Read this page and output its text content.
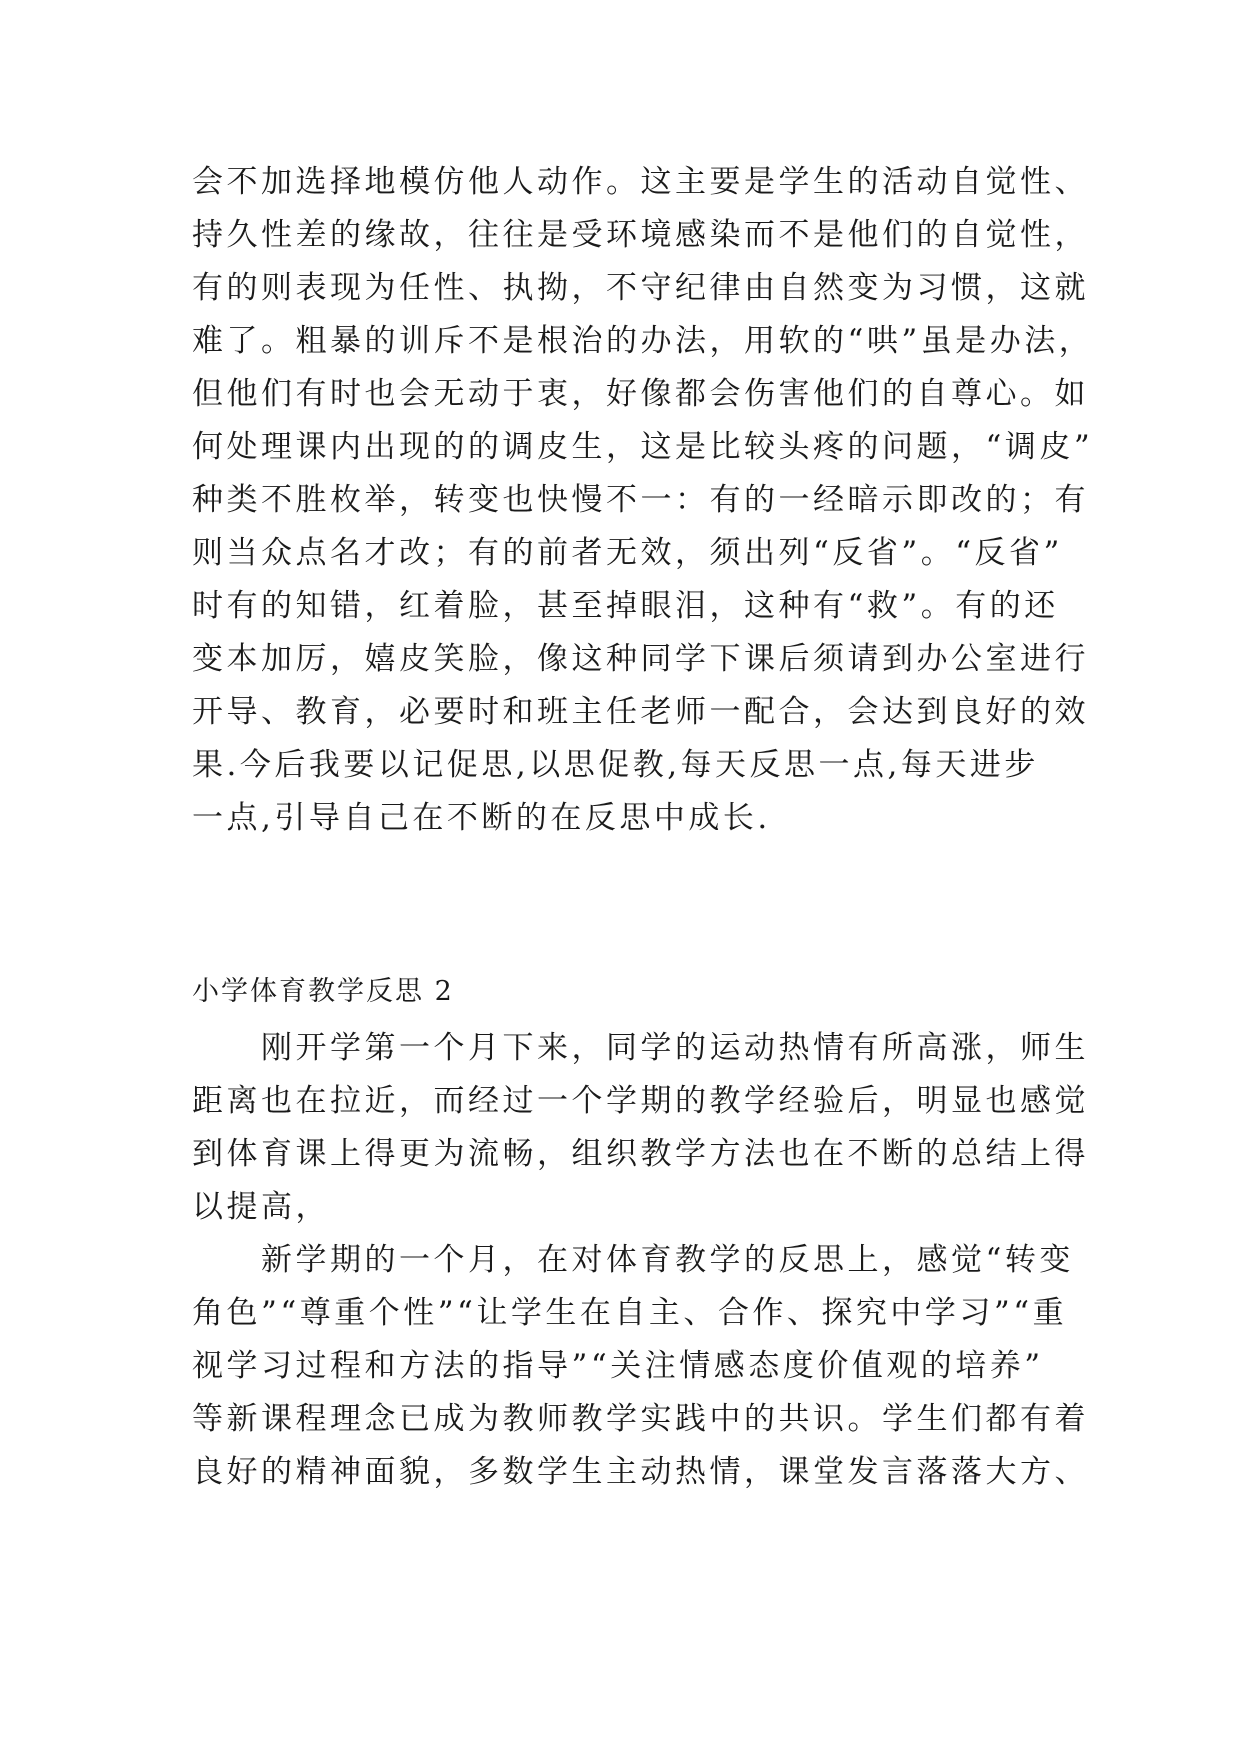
会不加选择地模仿他人动作。这主要是学生的活动自觉性、
持久性差的缘故，往往是受环境感染而不是他们的自觉性，
有的则表现为任性、执拗，不守纪律由自然变为习惯，这就
难了。粗暴的训斥不是根治的办法，用软的“哄”虽是办法，
但他们有时也会无动于衷，好像都会伤害他们的自尊心。如
何处理课内出现的的调皮生，这是比较头疼的问题，“调皮”
种类不胜枚举，转变也快慢不一：有的一经暗示即改的；有
则当众点名才改；有的前者无效，须出列“反省”。“反省”
时有的知错，红着脸，甚至掉眼泪，这种有“救”。有的还
变本加厉，嬉皮笑脸，像这种同学下课后须请到办公室进行
开导、教育，必要时和班主任老师一配合，会达到良好的效
果.今后我要以记促思,以思促教,每天反思一点,每天进步
一点,引导自己在不断的在反思中成长.
小学体育教学反思 2
　　刚开学第一个月下来，同学的运动热情有所高涨，师生
距离也在拉近，而经过一个学期的教学经验后，明显也感觉
到体育课上得更为流畅，组织教学方法也在不断的总结上得
以提高，
　　新学期的一个月，在对体育教学的反思上，感觉“转变
角色”“尊重个性”“让学生在自主、合作、探究中学习”“重
视学习过程和方法的指导”“关注情感态度价值观的培养”
等新课程理念已成为教师教学实践中的共识。学生们都有着
良好的精神面貌，多数学生主动热情，课堂发言落落大方、
